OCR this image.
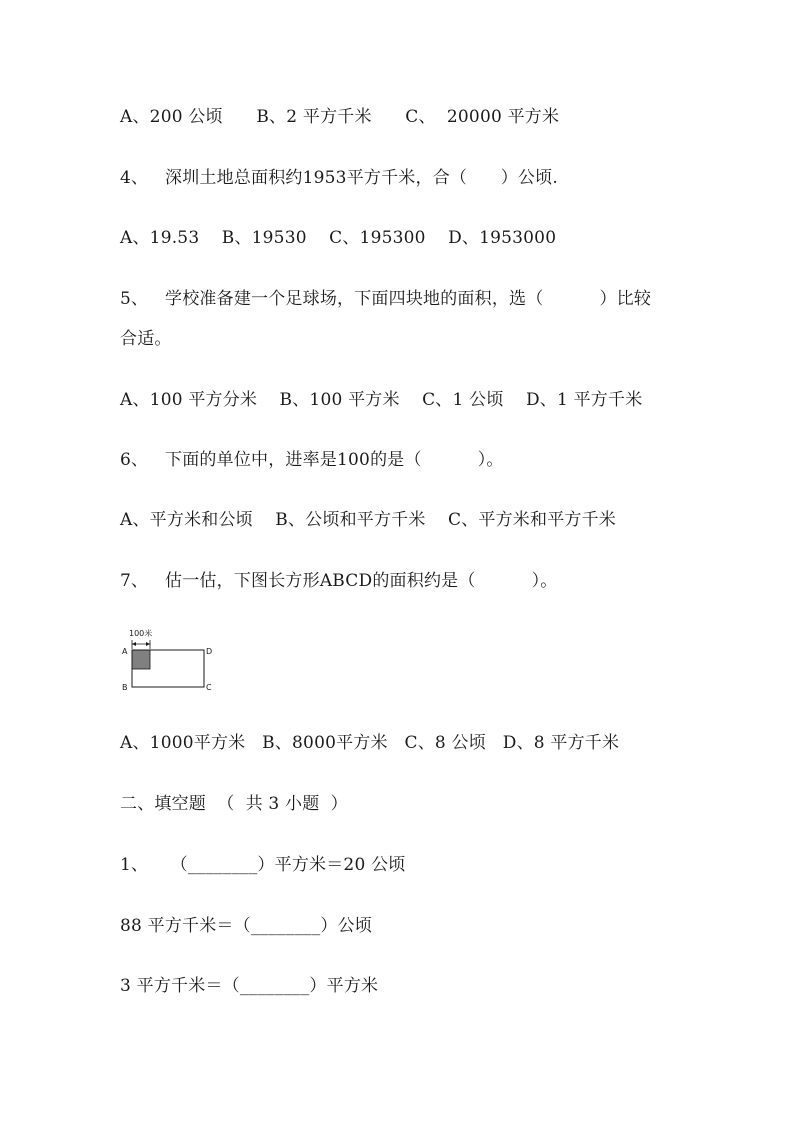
A、200 公顷      B、2 平方千米      C、  20000 平方米
4、   深圳土地总面积约1953平方千米，合（      ）公顷.
A、19.53    B、19530    C、195300    D、1953000
5、   学校准备建一个足球场，下面四块地的面积，选（          ）比较
合适。
A、100 平方分米    B、100 平方米    C、1 公顷    D、1 平方千米
6、   下面的单位中，进率是100的是（          ）。
A、平方米和公顷    B、公顷和平方千米    C、平方米和平方千米
7、   估一估，下图长方形ABCD的面积约是（          ）。
100米
A	D
B	C
A、1000平方米   B、8000平方米   C、8 公顷   D、8 平方千米
二、填空题  （  共 3 小题  ）
1、    （________）平方米＝20 公顷
88 平方千米＝（________）公顷
3 平方千米＝（________）平方米
